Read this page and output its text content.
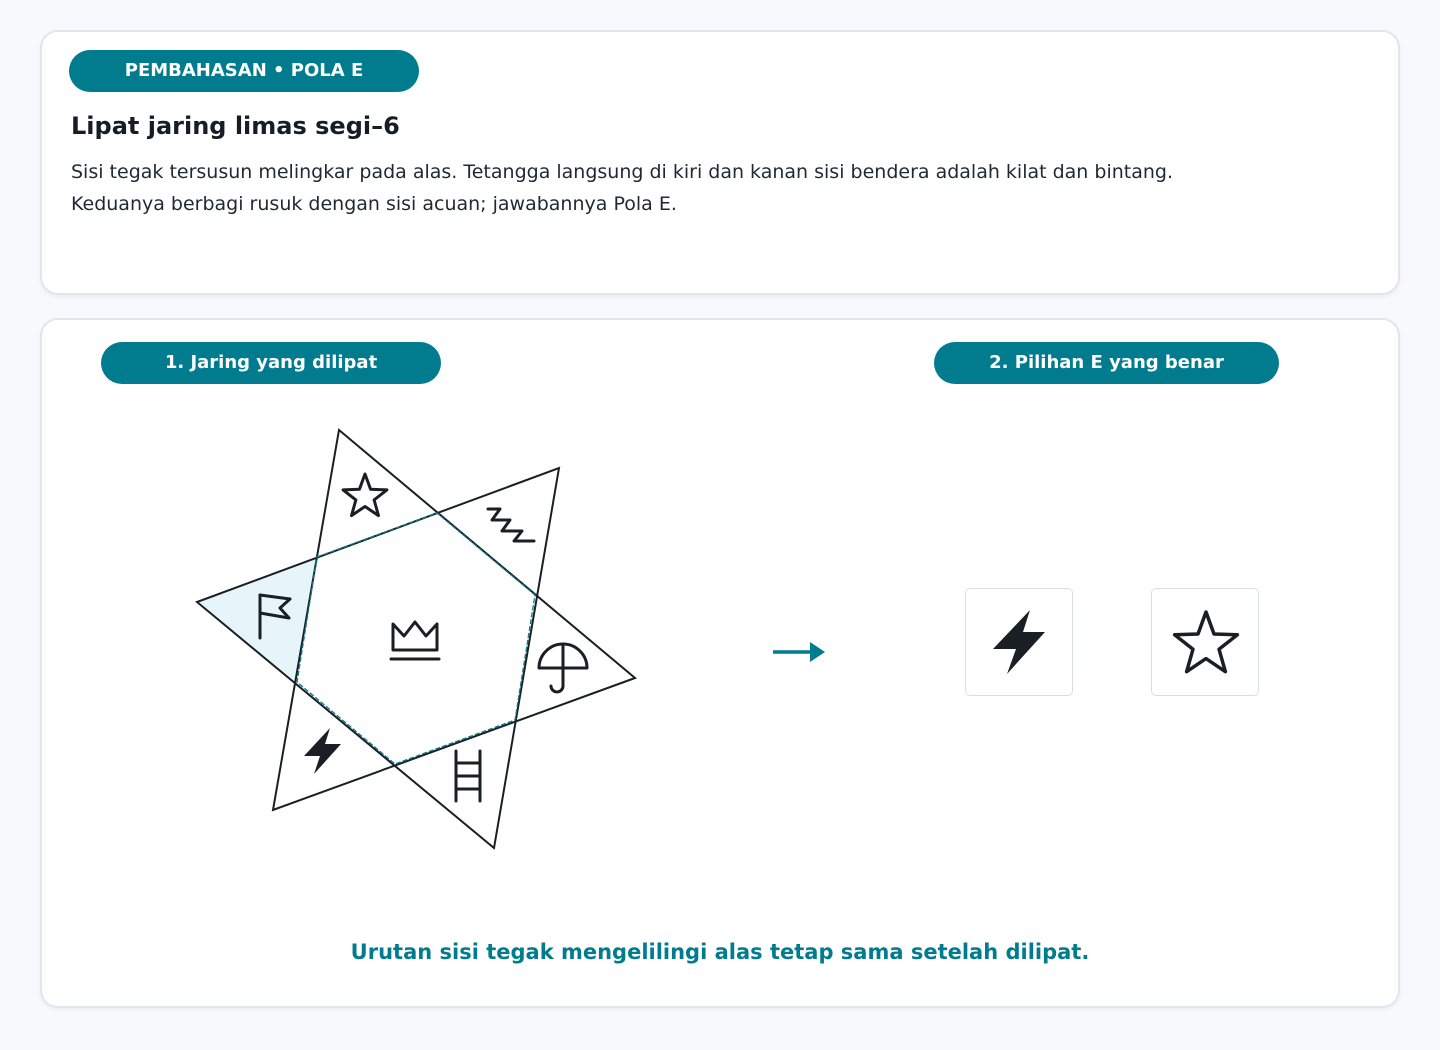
PEMBAHASAN • POLA E
Lipat jaring limas segi–6

Sisi tegak tersusun melingkar pada alas. Tetangga langsung di kiri dan kanan sisi bendera adalah kilat dan bintang.

Keduanya berbagi rusuk dengan sisi acuan; jawabannya Pola E.

1. Jaring yang dilipat	2. Pilihan E yang benar
Urutan sisi tegak mengelilingi alas tetap sama setelah dilipat.
